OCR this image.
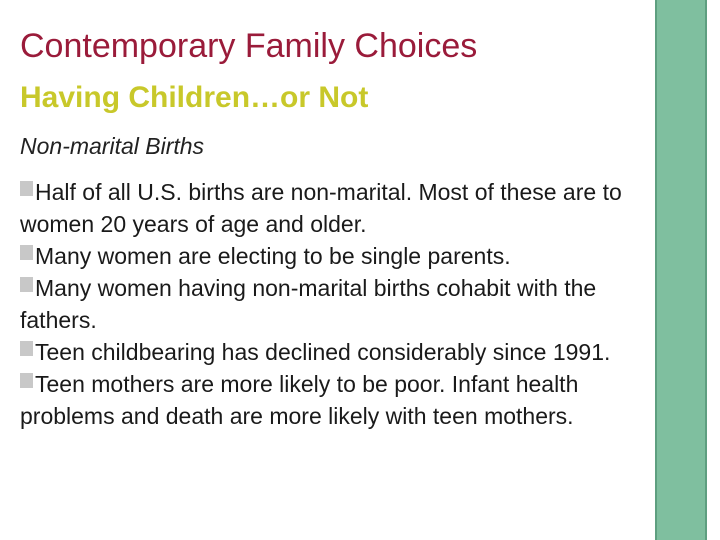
Contemporary Family Choices
Having Children…or Not
Non-marital Births
Half of all U.S. births are non-marital. Most of these are to women 20 years of age and older.
Many women are electing to be single parents.
Many women having non-marital births cohabit with the fathers.
Teen childbearing has declined considerably since 1991.
Teen mothers are more likely to be poor. Infant health problems and death are more likely with teen mothers.
